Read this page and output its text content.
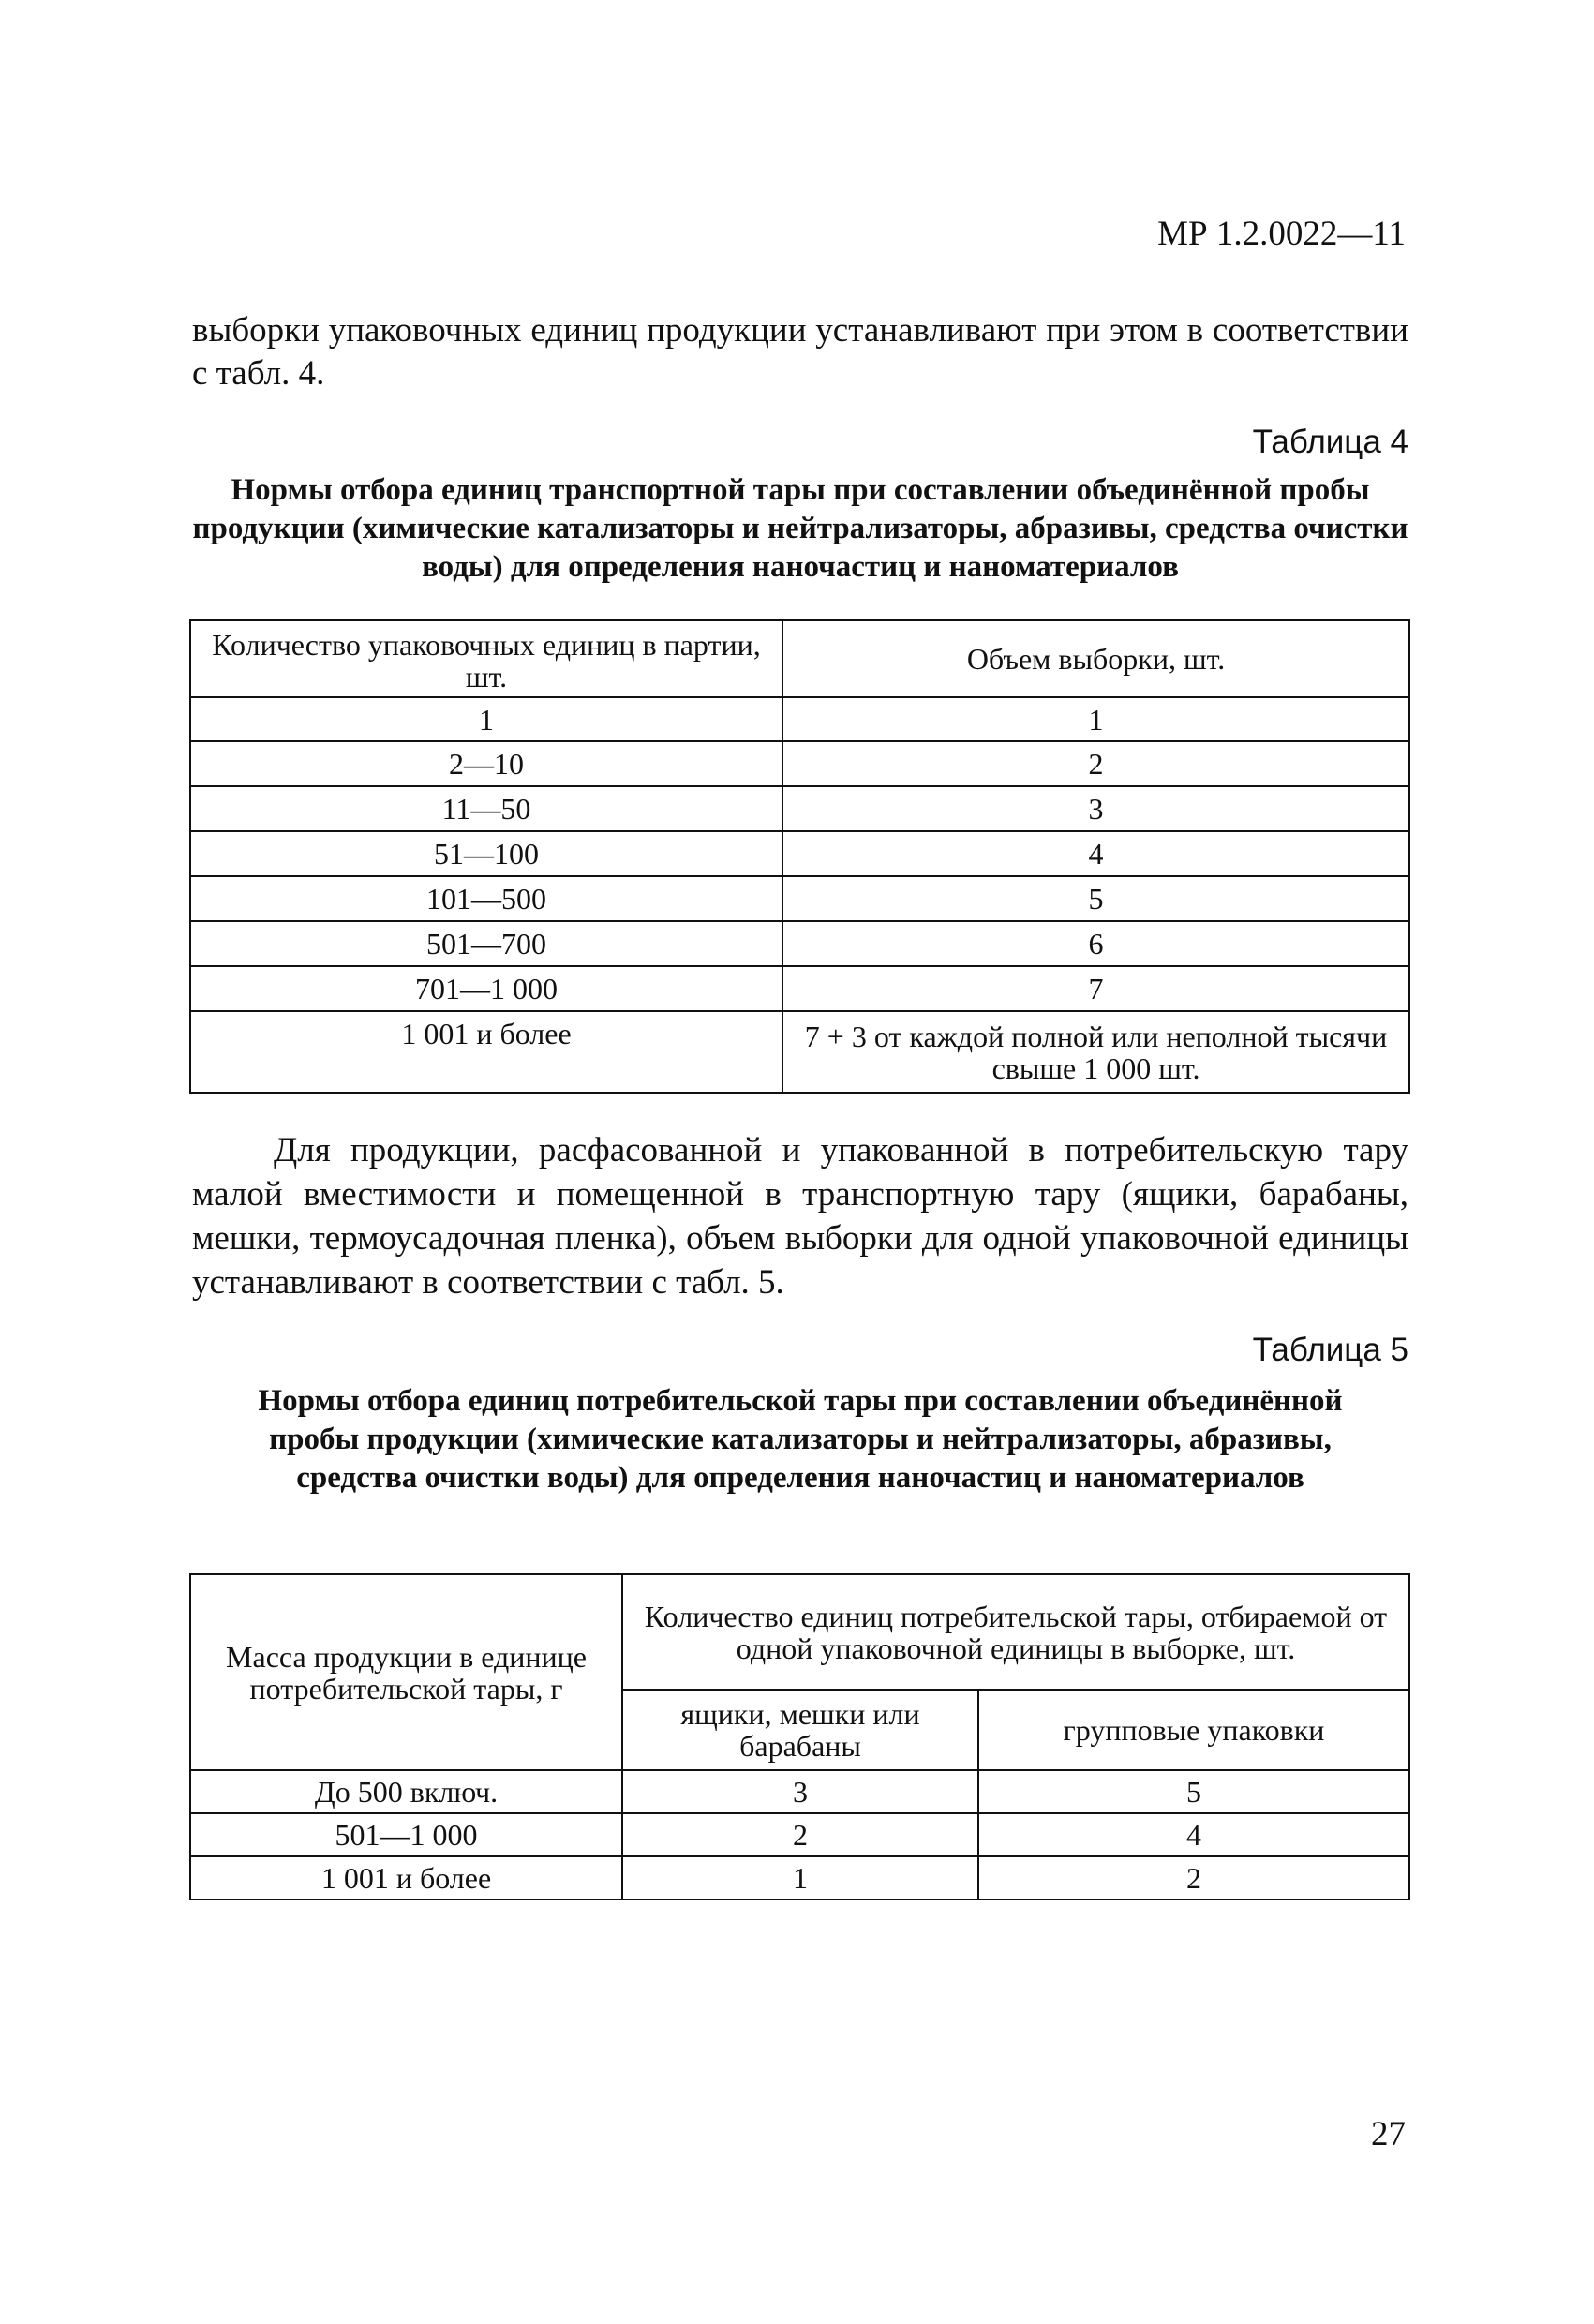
МР 1.2.0022—11
выборки упаковочных единиц продукции устанавливают при этом в соответствии с табл. 4.
Таблица 4
Нормы отбора единиц транспортной тары при составлении объединённой пробы продукции (химические катализаторы и нейтрализаторы, абразивы, средства очистки воды) для определения наночастиц и наноматериалов
Количество упаковочных единиц в партии, шт.	Объем выборки, шт.
1	1
2—10	2
11—50	3
51—100	4
101—500	5
501—700	6
701—1 000	7
1 001 и более	7 + 3 от каждой полной или неполной тысячи свыше 1 000 шт.
Для продукции, расфасованной и упакованной в потребительскую тару малой вместимости и помещенной в транспортную тару (ящики, барабаны, мешки, термоусадочная пленка), объем выборки для одной упаковочной единицы устанавливают в соответствии с табл. 5.
Таблица 5
Нормы отбора единиц потребительской тары при составлении объединённой пробы продукции (химические катализаторы и нейтрализаторы, абразивы, средства очистки воды) для определения наночастиц и наноматериалов
Масса продукции в единице потребительской тары, г	Количество единиц потребительской тары, отбираемой от одной упаковочной единицы в выборке, шт.	
	ящики, мешки или барабаны	групповые упаковки
До 500 включ.	3	5
501—1 000	2	4
1 001 и более	1	2
27
